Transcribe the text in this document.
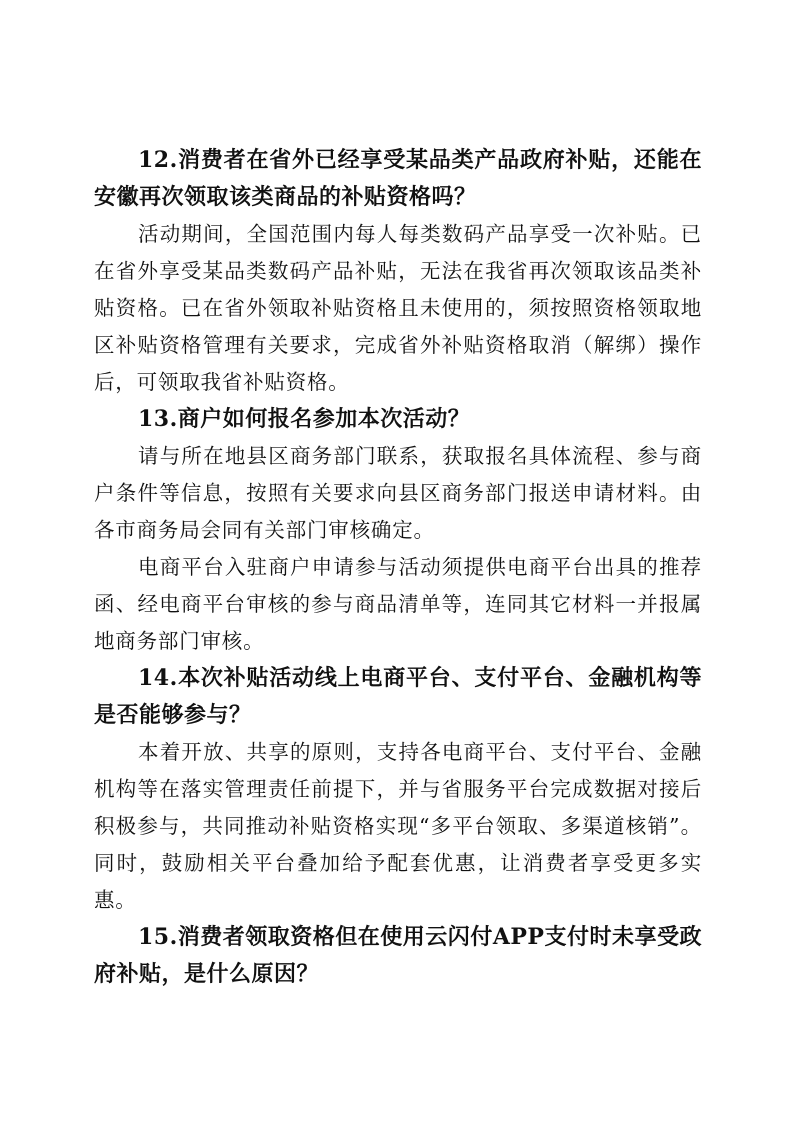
12.消费者在省外已经享受某品类产品政府补贴，还能在安徽再次领取该类商品的补贴资格吗？

活动期间，全国范围内每人每类数码产品享受一次补贴。已在省外享受某品类数码产品补贴，无法在我省再次领取该品类补贴资格。已在省外领取补贴资格且未使用的，须按照资格领取地区补贴资格管理有关要求，完成省外补贴资格取消（解绑）操作后，可领取我省补贴资格。

13.商户如何报名参加本次活动？

请与所在地县区商务部门联系，获取报名具体流程、参与商户条件等信息，按照有关要求向县区商务部门报送申请材料。由各市商务局会同有关部门审核确定。

电商平台入驻商户申请参与活动须提供电商平台出具的推荐函、经电商平台审核的参与商品清单等，连同其它材料一并报属地商务部门审核。

14.本次补贴活动线上电商平台、支付平台、金融机构等是否能够参与？

本着开放、共享的原则，支持各电商平台、支付平台、金融机构等在落实管理责任前提下，并与省服务平台完成数据对接后积极参与，共同推动补贴资格实现“多平台领取、多渠道核销”。同时，鼓励相关平台叠加给予配套优惠，让消费者享受更多实惠。

15.消费者领取资格但在使用云闪付APP支付时未享受政府补贴，是什么原因？
